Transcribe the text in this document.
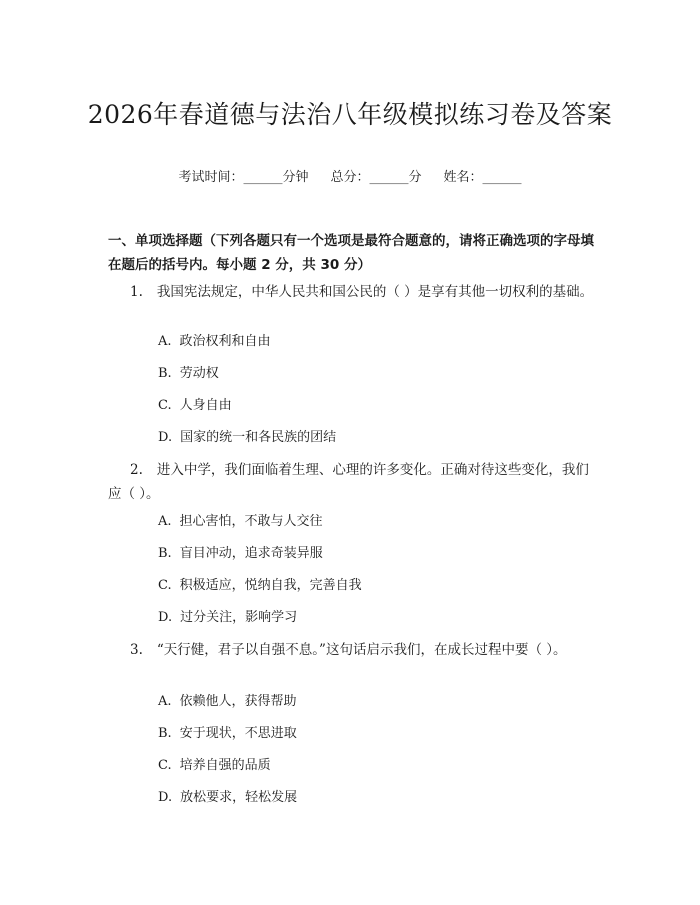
2026年春道德与法治八年级模拟练习卷及答案
考试时间：______分钟 总分：______分 姓名：______
一、单项选择题（下列各题只有一个选项是最符合题意的，请将正确选项的字母填在题后的括号内。每小题 2 分，共 30 分）
1. 我国宪法规定，中华人民共和国公民的（ ）是享有其他一切权利的基础。
A. 政治权利和自由
B. 劳动权
C. 人身自由
D. 国家的统一和各民族的团结
2. 进入中学，我们面临着生理、心理的许多变化。正确对待这些变化，我们应（ ）。
A. 担心害怕，不敢与人交往
B. 盲目冲动，追求奇装异服
C. 积极适应，悦纳自我，完善自我
D. 过分关注，影响学习
3. “天行健，君子以自强不息。”这句话启示我们，在成长过程中要（ ）。
A. 依赖他人，获得帮助
B. 安于现状，不思进取
C. 培养自强的品质
D. 放松要求，轻松发展
